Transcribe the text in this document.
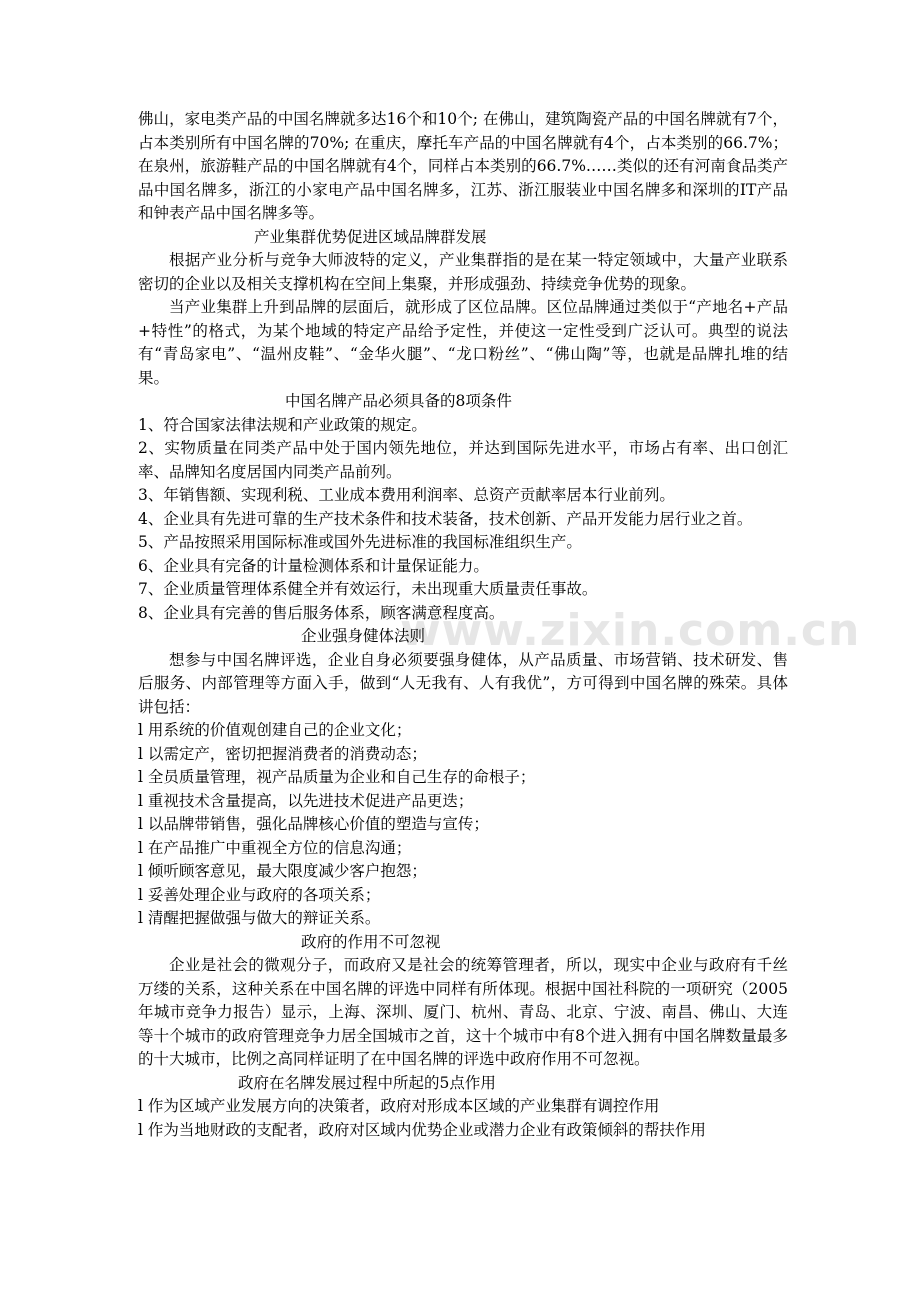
www.zixin.com.cn

佛山，家电类产品的中国名牌就多达16个和10个; 在佛山，建筑陶瓷产品的中国名牌就有7个，占本类别所有中国名牌的70%; 在重庆，摩托车产品的中国名牌就有4个，占本类别的66.7%；在泉州，旅游鞋产品的中国名牌就有4个，同样占本类别的66.7%……类似的还有河南食品类产品中国名牌多，浙江的小家电产品中国名牌多，江苏、浙江服装业中国名牌多和深圳的IT产品和钟表产品中国名牌多等。

产业集群优势促进区域品牌群发展

根据产业分析与竞争大师波特的定义，产业集群指的是在某一特定领域中，大量产业联系密切的企业以及相关支撑机构在空间上集聚，并形成强劲、持续竞争优势的现象。

当产业集群上升到品牌的层面后，就形成了区位品牌。区位品牌通过类似于“产地名+产品+特性”的格式，为某个地域的特定产品给予定性，并使这一定性受到广泛认可。典型的说法有“青岛家电”、“温州皮鞋”、“金华火腿”、“龙口粉丝”、“佛山陶”等，也就是品牌扎堆的结果。

中国名牌产品必须具备的8项条件

1、符合国家法律法规和产业政策的规定。

2、实物质量在同类产品中处于国内领先地位，并达到国际先进水平，市场占有率、出口创汇率、品牌知名度居国内同类产品前列。

3、年销售额、实现利税、工业成本费用利润率、总资产贡献率居本行业前列。

4、企业具有先进可靠的生产技术条件和技术装备，技术创新、产品开发能力居行业之首。

5、产品按照采用国际标准或国外先进标准的我国标准组织生产。

6、企业具有完备的计量检测体系和计量保证能力。

7、企业质量管理体系健全并有效运行，未出现重大质量责任事故。

8、企业具有完善的售后服务体系，顾客满意程度高。

企业强身健体法则

想参与中国名牌评选，企业自身必须要强身健体，从产品质量、市场营销、技术研发、售后服务、内部管理等方面入手，做到“人无我有、人有我优”，方可得到中国名牌的殊荣。具体讲包括：

l 用系统的价值观创建自己的企业文化；

l 以需定产，密切把握消费者的消费动态；

l 全员质量管理，视产品质量为企业和自己生存的命根子；

l 重视技术含量提高，以先进技术促进产品更迭；

l 以品牌带销售，强化品牌核心价值的塑造与宣传；

l 在产品推广中重视全方位的信息沟通；

l 倾听顾客意见，最大限度减少客户抱怨；

l 妥善处理企业与政府的各项关系；

l 清醒把握做强与做大的辩证关系。

政府的作用不可忽视

企业是社会的微观分子，而政府又是社会的统筹管理者，所以，现实中企业与政府有千丝万缕的关系，这种关系在中国名牌的评选中同样有所体现。根据中国社科院的一项研究（2005年城市竞争力报告）显示，上海、深圳、厦门、杭州、青岛、北京、宁波、南昌、佛山、大连等十个城市的政府管理竞争力居全国城市之首，这十个城市中有8个进入拥有中国名牌数量最多的十大城市，比例之高同样证明了在中国名牌的评选中政府作用不可忽视。

政府在名牌发展过程中所起的5点作用

l 作为区域产业发展方向的决策者，政府对形成本区域的产业集群有调控作用

l 作为当地财政的支配者，政府对区域内优势企业或潜力企业有政策倾斜的帮扶作用
